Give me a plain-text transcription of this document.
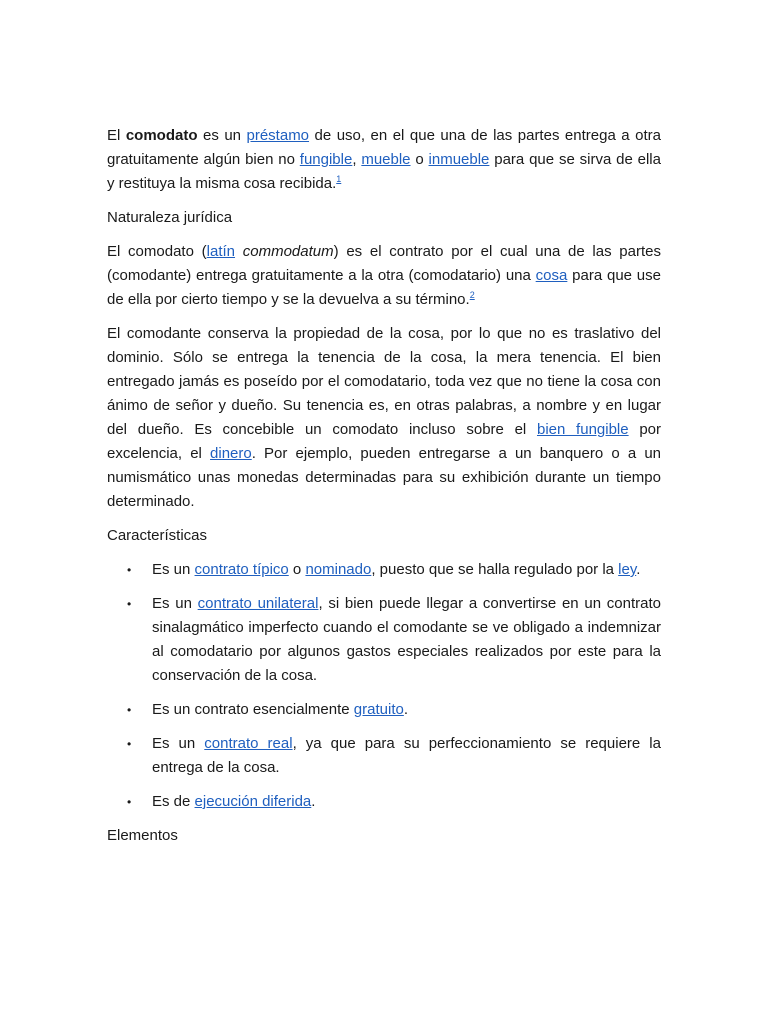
El comodato es un préstamo de uso, en el que una de las partes entrega a otra gratuitamente algún bien no fungible, mueble o inmueble para que se sirva de ella y restituya la misma cosa recibida.$^1$

Naturaleza jurídica

El comodato (latín commodatum) es el contrato por el cual una de las partes (comodante) entrega gratuitamente a la otra (comodatario) una cosa para que use de ella por cierto tiempo y se la devuelva a su término.$^2$

El comodante conserva la propiedad de la cosa, por lo que no es traslativo del dominio. Sólo se entrega la tenencia de la cosa, la mera tenencia. El bien entregado jamás es poseído por el comodatario, toda vez que no tiene la cosa con ánimo de señor y dueño. Su tenencia es, en otras palabras, a nombre y en lugar del dueño. Es concebible un comodato incluso sobre el bien fungible por excelencia, el dinero. Por ejemplo, pueden entregarse a un banquero o a un numismático unas monedas determinadas para su exhibición durante un tiempo determinado.

Características

• Es un contrato típico o nominado, puesto que se halla regulado por la ley.
• Es un contrato unilateral, si bien puede llegar a convertirse en un contrato sinalagmático imperfecto cuando el comodante se ve obligado a indemnizar al comodatario por algunos gastos especiales realizados por este para la conservación de la cosa.
• Es un contrato esencialmente gratuito.
• Es un contrato real, ya que para su perfeccionamiento se requiere la entrega de la cosa.
• Es de ejecución diferida.

Elementos
